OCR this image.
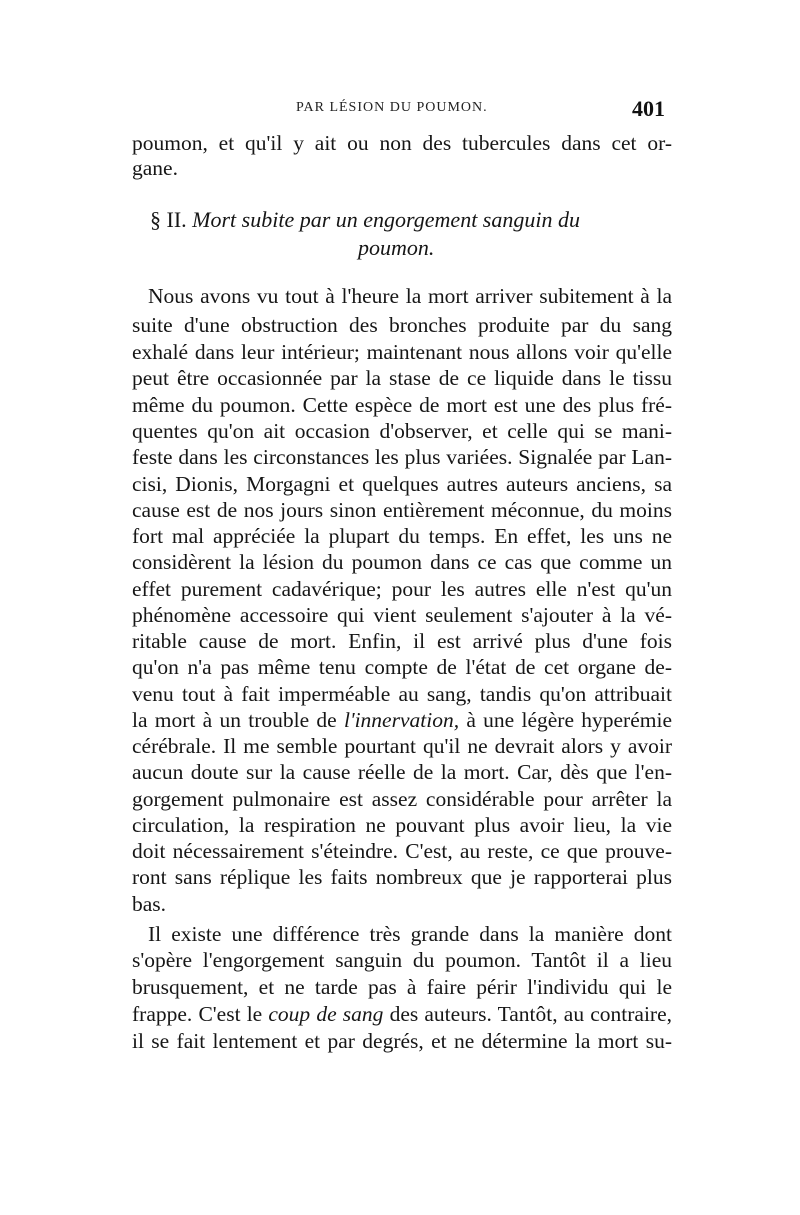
PAR LÉSION DU POUMON.	401
poumon, et qu'il y ait ou non des tubercules dans cet or-
gane.
§ II. Mort subite par un engorgement sanguin du
poumon.
Nous avons vu tout à l'heure la mort arriver subitement à la
suite d'une obstruction des bronches produite par du sang
exhalé dans leur intérieur; maintenant nous allons voir qu'elle
peut être occasionnée par la stase de ce liquide dans le tissu
même du poumon. Cette espèce de mort est une des plus fré-
quentes qu'on ait occasion d'observer, et celle qui se mani-
feste dans les circonstances les plus variées. Signalée par Lan-
cisi, Dionis, Morgagni et quelques autres auteurs anciens, sa
cause est de nos jours sinon entièrement méconnue, du moins
fort mal appréciée la plupart du temps. En effet, les uns ne
considèrent la lésion du poumon dans ce cas que comme un
effet purement cadavérique; pour les autres elle n'est qu'un
phénomène accessoire qui vient seulement s'ajouter à la vé-
ritable cause de mort. Enfin, il est arrivé plus d'une fois
qu'on n'a pas même tenu compte de l'état de cet organe de-
venu tout à fait imperméable au sang, tandis qu'on attribuait
la mort à un trouble de l'innervation, à une légère hyperémie
cérébrale. Il me semble pourtant qu'il ne devrait alors y avoir
aucun doute sur la cause réelle de la mort. Car, dès que l'en-
gorgement pulmonaire est assez considérable pour arrêter la
circulation, la respiration ne pouvant plus avoir lieu, la vie
doit nécessairement s'éteindre. C'est, au reste, ce que prouve-
ront sans réplique les faits nombreux que je rapporterai plus
bas.
Il existe une différence très grande dans la manière dont
s'opère l'engorgement sanguin du poumon. Tantôt il a lieu
brusquement, et ne tarde pas à faire périr l'individu qui le
frappe. C'est le coup de sang des auteurs. Tantôt, au contraire,
il se fait lentement et par degrés, et ne détermine la mort su-
